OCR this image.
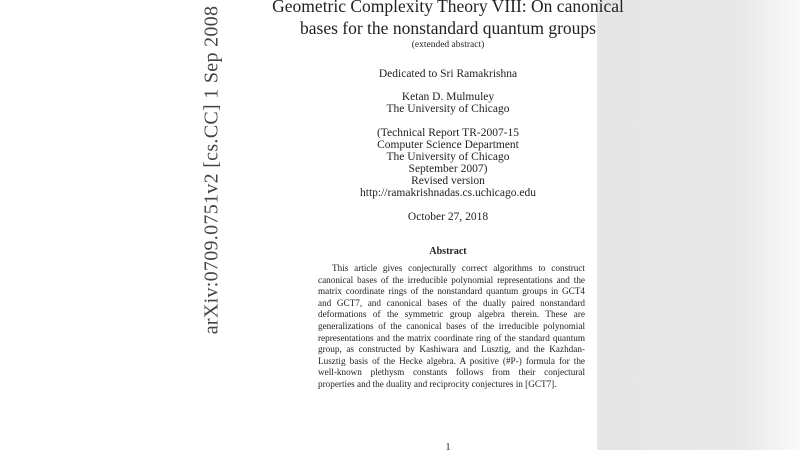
arXiv:0709.0751v2 [cs.CC] 1 Sep 2008	Geometric Complexity Theory VIII: On canonical
bases for the nonstandard quantum groups
(extended abstract)
Dedicated to Sri Ramakrishna
Ketan D. Mulmuley
The University of Chicago
(Technical Report TR-2007-15
Computer Science Department
The University of Chicago
September 2007)
Revised version
http://ramakrishnadas.cs.uchicago.edu
October 27, 2018
Abstract
This article gives conjecturally correct algorithms to construct canonical bases of the irreducible polynomial representations and the matrix coordinate rings of the nonstandard quantum groups in GCT4 and GCT7, and canonical bases of the dually paired nonstandard deformations of the symmetric group algebra therein. These are generalizations of the canonical bases of the irreducible polynomial representations and the matrix coordinate ring of the standard quantum group, as constructed by Kashiwara and Lusztig, and the Kazhdan-Lusztig basis of the Hecke algebra. A positive (#P-) formula for the well-known plethysm constants follows from their conjectural properties and the duality and reciprocity conjectures in [GCT7].
1
